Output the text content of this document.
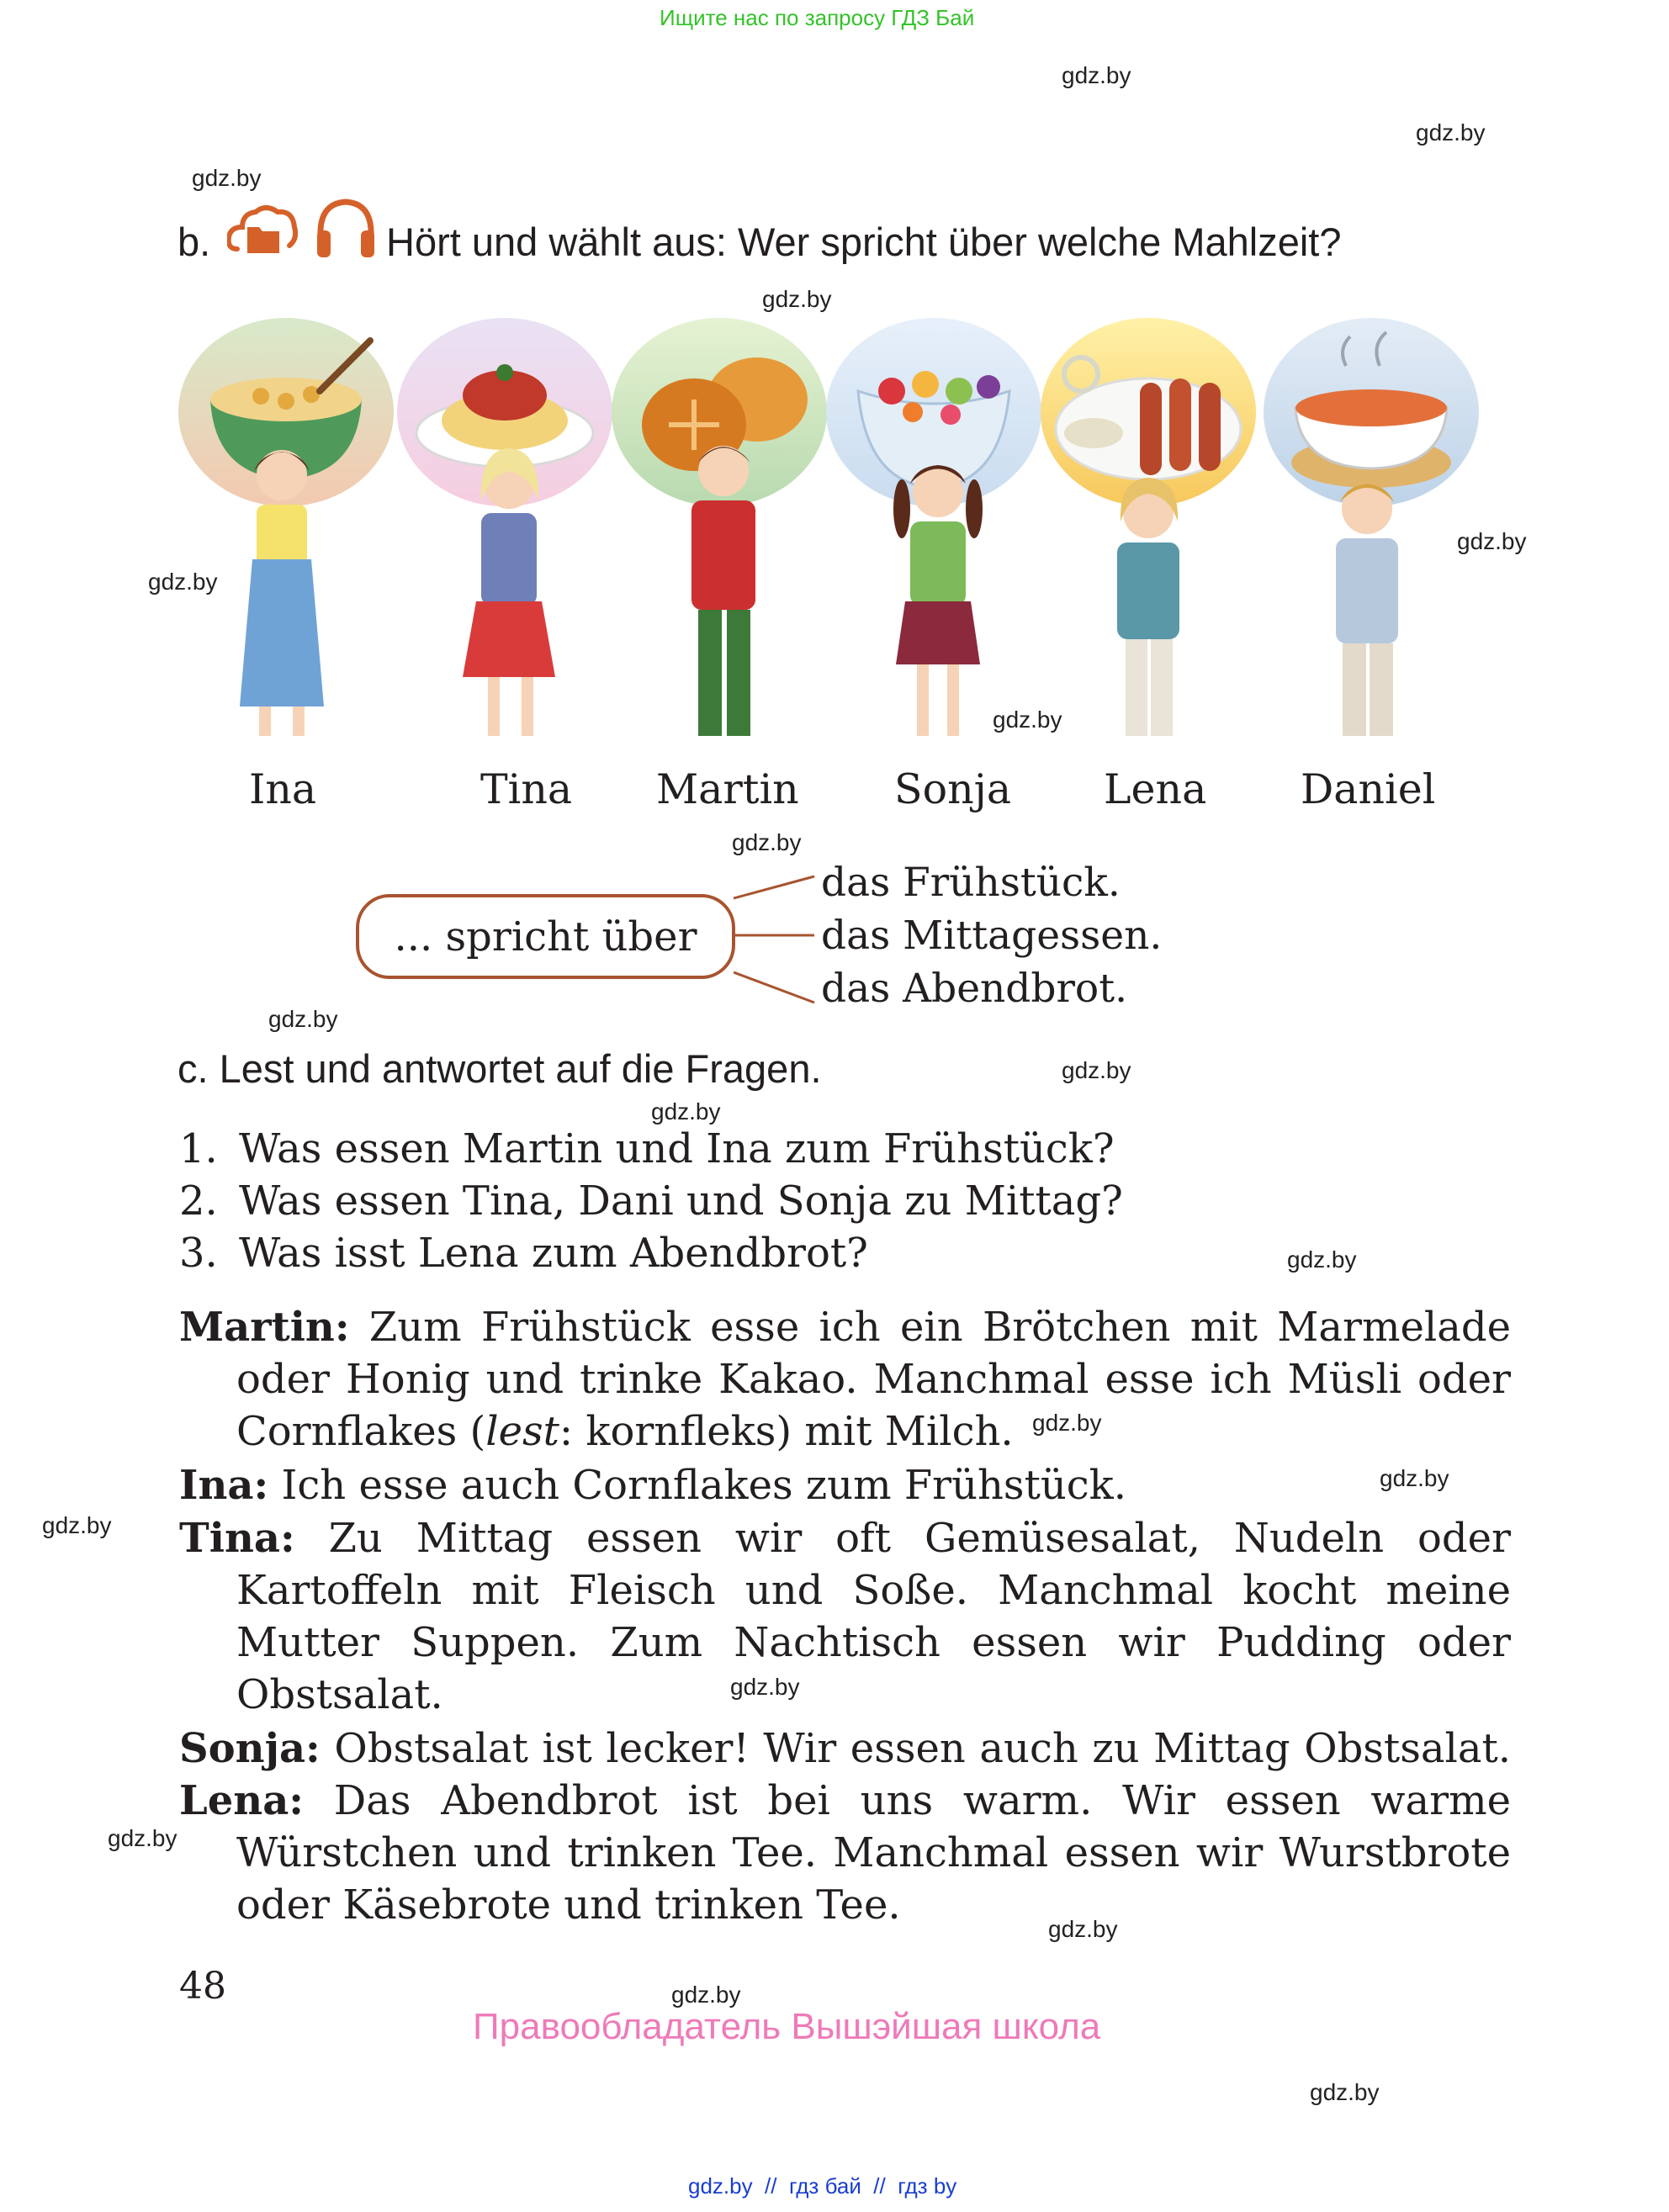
Ищите нас по запросу ГДЗ Бай
gdz.by
gdz.by
gdz.by
gdz.by
gdz.by
gdz.by
gdz.by
gdz.by
gdz.by
gdz.by
gdz.by
gdz.by
gdz.by
gdz.by
gdz.by
gdz.by
gdz.by
gdz.by
gdz.by
gdz.by
b.	Hört und wählt aus: Wer spricht über welche Mahlzeit?
Ina	Tina Martin Sonja Lena Daniel
... spricht über
das Frühstück.
das Mittagessen.
das Abendbrot.
c. Lest und antwortet auf die Fragen.
1. Was essen Martin und Ina zum Frühstück?
2. Was essen Tina, Dani und Sonja zu Mittag?
3. Was isst Lena zum Abendbrot?
Martin: Zum Frühstück esse ich ein Brötchen mit Marmelade
oder Honig und trinke Kakao. Manchmal esse ich Müsli oder
Cornflakes (lest: kornfleks) mit Milch.
Ina: Ich esse auch Cornflakes zum Frühstück.
Tina: Zu Mittag essen wir oft Gemüsesalat, Nudeln oder
Kartoffeln mit Fleisch und Soße. Manchmal kocht meine
Mutter Suppen. Zum Nachtisch essen wir Pudding oder
Obstsalat.
Sonja: Obstsalat ist lecker! Wir essen auch zu Mittag Obstsalat.
Lena: Das Abendbrot ist bei uns warm. Wir essen warme
Würstchen und trinken Tee. Manchmal essen wir Wurstbrote
oder Käsebrote und trinken Tee.
48
Правообладатель Вышэйшая школа
gdz.by  //  гдз бай  //  гдз by
